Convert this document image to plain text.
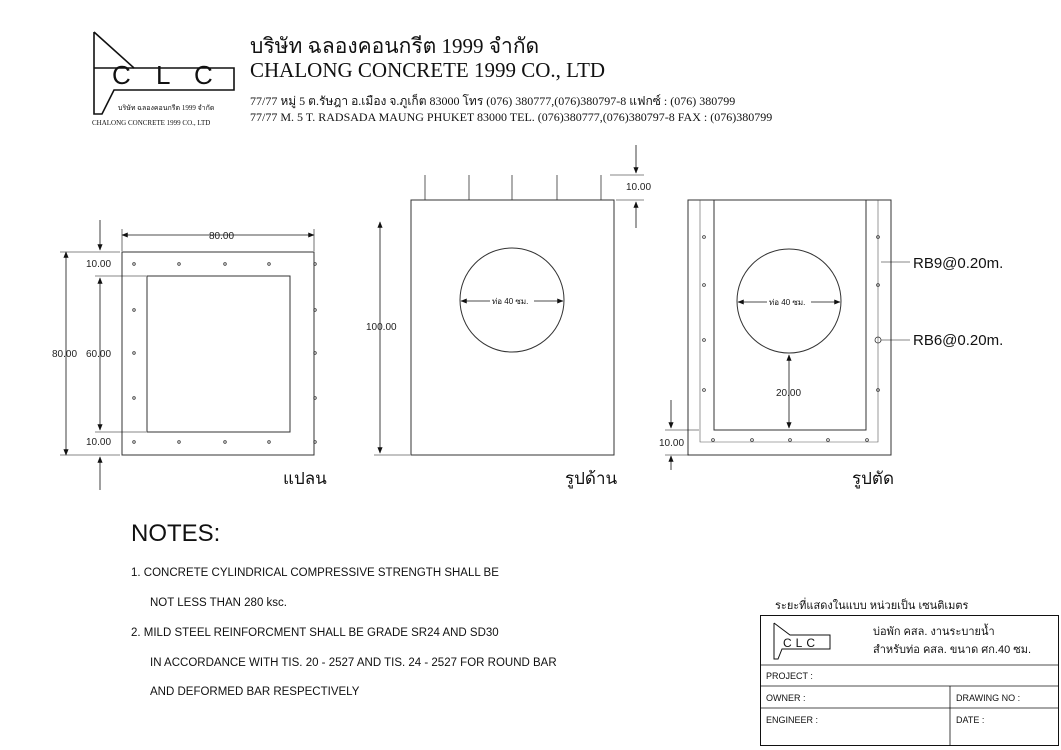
C L C
บริษัท ฉลองคอนกรีต 1999 จำกัด
CHALONG CONCRETE 1999 CO., LTD
บริษัท ฉลองคอนกรีต 1999 จำกัด
CHALONG CONCRETE 1999 CO., LTD
77/77 หมู่ 5 ต.รัษฎา อ.เมือง จ.ภูเก็ต 83000 โทร (076) 380777,(076)380797-8 แฟกซ์ : (076) 380799
77/77 M. 5 T. RADSADA MAUNG PHUKET 83000 TEL. (076)380777,(076)380797-8 FAX : (076)380799
80.00
80.00
10.00
60.00
10.00
แปลน
ท่อ 40 ซม.
10.00
100.00
รูปด้าน
ท่อ 40 ซม.
20.00
10.00
RB9@0.20m.
RB6@0.20m.
รูปตัด
NOTES:
1. CONCRETE CYLINDRICAL COMPRESSIVE STRENGTH SHALL BE
NOT LESS THAN 280 ksc.
2. MILD STEEL REINFORCMENT SHALL BE GRADE SR24 AND SD30
IN ACCORDANCE WITH TIS. 20 - 2527 AND TIS. 24 - 2527 FOR ROUND BAR
AND DEFORMED BAR RESPECTIVELY
ระยะที่แสดงในแบบ หน่วยเป็น เซนติเมตร
CLC
บ่อพัก คสล. งานระบายน้ำ
สำหรับท่อ คสล. ขนาด ศก.40 ซม.
PROJECT :
OWNER :
ENGINEER :
DRAWING NO :
DATE :
